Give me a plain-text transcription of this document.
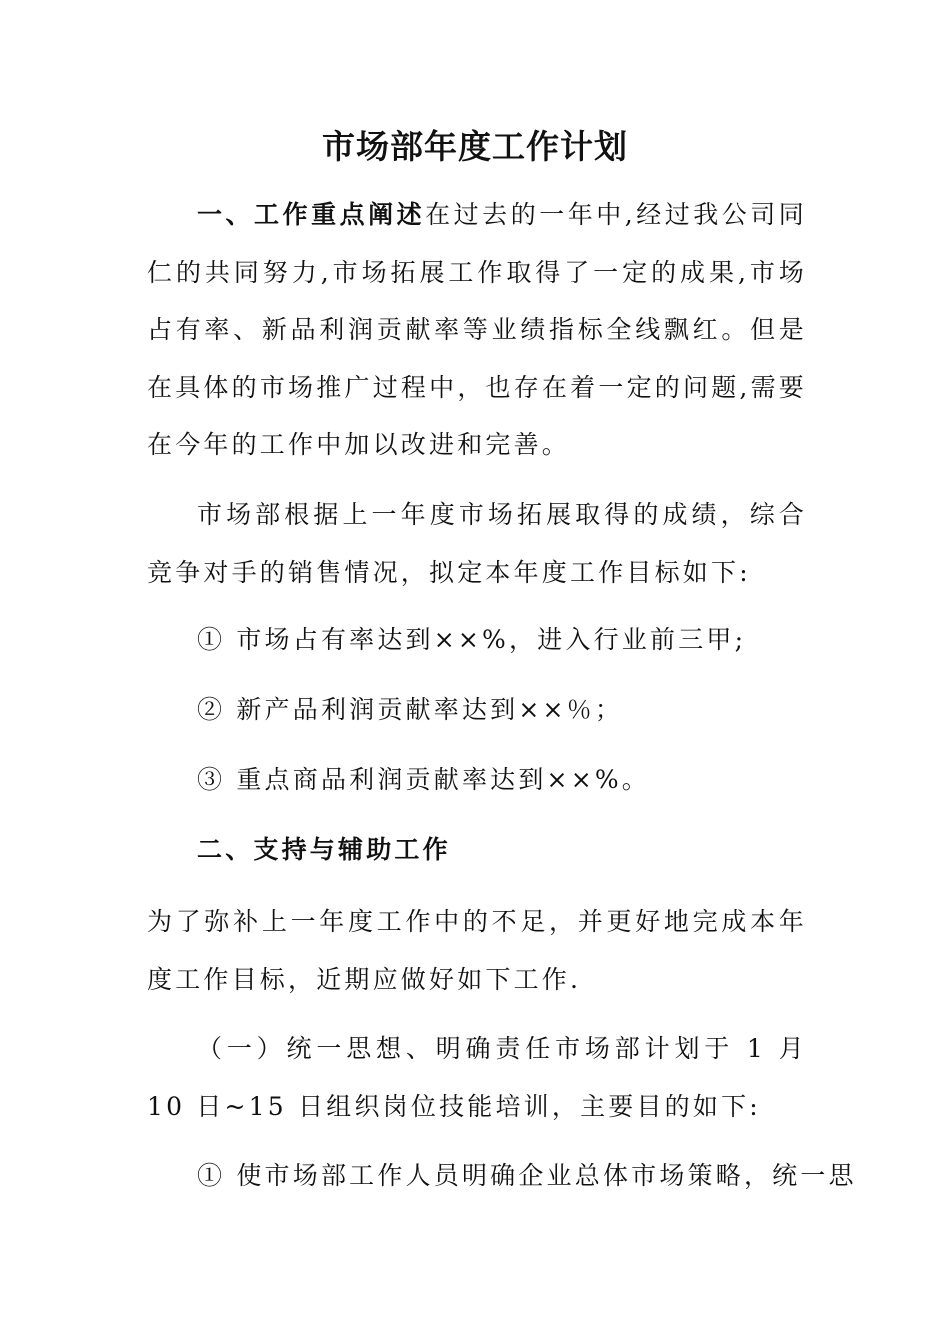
市场部年度工作计划

一、工作重点阐述在过去的一年中,经过我公司同仁的共同努力,市场拓展工作取得了一定的成果,市场占有率、新品利润贡献率等业绩指标全线飘红。但是在具体的市场推广过程中，也存在着一定的问题,需要在今年的工作中加以改进和完善。

市场部根据上一年度市场拓展取得的成绩，综合竞争对手的销售情况，拟定本年度工作目标如下:

① 市场占有率达到××%，进入行业前三甲;
② 新产品利润贡献率达到××％；
③ 重点商品利润贡献率达到××%。
二、支持与辅助工作

为了弥补上一年度工作中的不足，并更好地完成本年度工作目标，近期应做好如下工作.

（一）统一思想、明确责任市场部计划于 1 月 10 日~15 日组织岗位技能培训，主要目的如下:

① 使市场部工作人员明确企业总体市场策略，统一思
